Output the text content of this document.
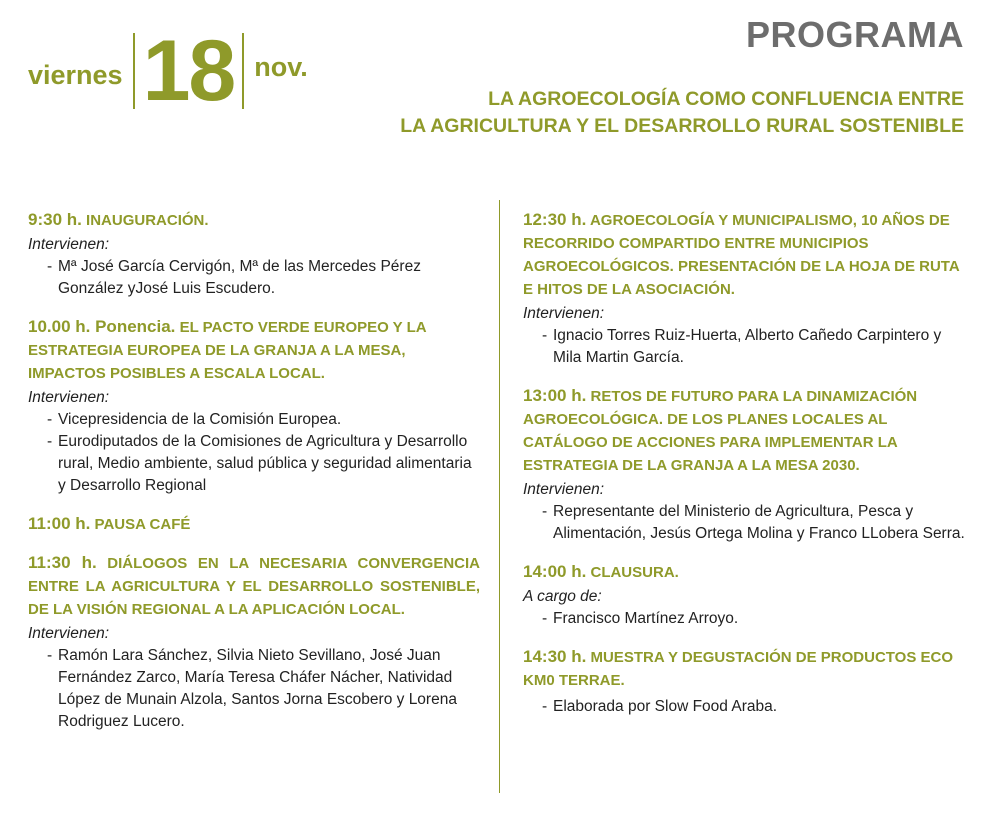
viernes 18 nov.
PROGRAMA
LA AGROECOLOGÍA COMO CONFLUENCIA ENTRE
LA AGRICULTURA Y EL DESARROLLO RURAL SOSTENIBLE
9:30 h. INAUGURACIÓN.
Intervienen:
- Mª José García Cervigón, Mª de las Mercedes Pérez González yJosé Luis Escudero.
10.00 h. Ponencia. EL PACTO VERDE EUROPEO Y LA ESTRATEGIA EUROPEA DE LA GRANJA A LA MESA, IMPACTOS POSIBLES A ESCALA LOCAL.
Intervienen:
- Vicepresidencia de la Comisión Europea.
- Eurodiputados de la Comisiones de Agricultura y Desarrollo rural, Medio ambiente, salud pública y seguridad alimentaria y Desarrollo Regional
11:00 h. PAUSA CAFÉ
11:30 h. DIÁLOGOS EN LA NECESARIA CONVERGENCIA ENTRE LA AGRICULTURA Y EL DESARROLLO SOSTENIBLE, DE LA VISIÓN REGIONAL A LA APLICACIÓN LOCAL.
Intervienen:
- Ramón Lara Sánchez, Silvia Nieto Sevillano, José Juan Fernández Zarco, María Teresa Cháfer Nácher, Natividad López de Munain Alzola, Santos Jorna Escobero y Lorena Rodriguez Lucero.
12:30 h. AGROECOLOGÍA Y MUNICIPALISMO, 10 AÑOS DE RECORRIDO COMPARTIDO ENTRE MUNICIPIOS AGROECOLÓGICOS. PRESENTACIÓN DE LA HOJA DE RUTA E HITOS DE LA ASOCIACIÓN.
Intervienen:
- Ignacio Torres Ruiz-Huerta, Alberto Cañedo Carpintero y Mila Martin García.
13:00 h. RETOS DE FUTURO PARA LA DINAMIZACIÓN AGROECOLÓGICA. DE LOS PLANES LOCALES AL CATÁLOGO DE ACCIONES PARA IMPLEMENTAR LA ESTRATEGIA DE LA GRANJA A LA MESA 2030.
Intervienen:
- Representante del Ministerio de Agricultura, Pesca y Alimentación, Jesús Ortega Molina y Franco LLobera Serra.
14:00 h. CLAUSURA.
A cargo de:
- Francisco Martínez Arroyo.
14:30 h. MUESTRA Y DEGUSTACIÓN DE PRODUCTOS ECO KM0 TERRAE.
- Elaborada por Slow Food Araba.
